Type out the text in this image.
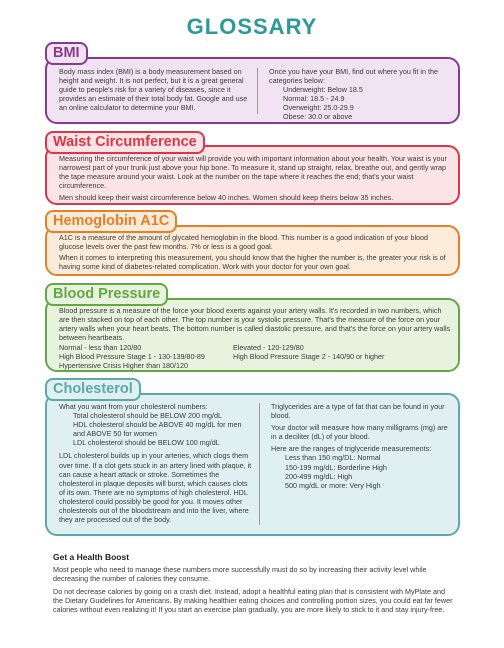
GLOSSARY

Body mass index (BMI) is a body measurement based on height and weight. It is not perfect, but it is a great general guide to people's risk for a variety of diseases, since it provides an estimate of their total body fat. Google and use an online calculator to determine your BMI.

Once you have your BMI, find out where you fit in the categories below:

Underweight: Below 18.5

Normal: 18.5 - 24.9

Overweight: 25.0-29.9

Obese: 30.0 or above

BMI

Measuring the circumference of your waist will provide you with important information about your health. Your waist is your narrowest part of your trunk just above your hip bone. To measure it, stand up straight, relax, breathe out, and gently wrap the tape measure around your waist. Look at the number on the tape where it reaches the end; that's your waist circumference.

Men should keep their waist circumference below 40 inches. Women should keep theirs below 35 inches.

Waist Circumference

A1C is a measure of the amount of glycated hemoglobin in the blood. This number is a good indication of your blood glucose levels over the past few months. 7% or less is a good goal.

When it comes to interpreting this measurement, you should know that the higher the number is, the greater your risk is of having some kind of diabetes-related complication. Work with your doctor for your own goal.

Hemoglobin A1C

Blood pressure is a measure of the force your blood exerts against your artery walls. It's recorded in two numbers, which are then stacked on top of each other. The top number is your systolic pressure. That's the measure of the force on your artery walls when your heart beats. The bottom number is called diastolic pressure, and that's the force on your artery walls between heartbeats.

Normal - less than 120/80

High Blood Pressure Stage 1 - 130-139/80-89

Hypertensive Crisis Higher than 180/120

Elevated - 120-129/80

High Blood Pressure Stage 2 - 140/90 or higher

Blood Pressure

What you want from your cholesterol numbers:

Total cholesterol should be BELOW 200 mg/dL

HDL cholesterol should be ABOVE 40 mg/dL for men and ABOVE 50 for women

LDL cholesterol should be BELOW 100 mg/dL

LDL cholesterol builds up in your arteries, which clogs them over time. If a clot gets stuck in an artery lined with plaque, it can cause a heart attack or stroke. Sometimes the cholesterol in plaque deposits will burst, which causes clots of its own. There are no symptoms of high cholesterol. HDL cholesterol could possibly be good for you. It moves other cholesterols out of the bloodstream and into the liver, where they are processed out of the body.

Triglycerides are a type of fat that can be found in your blood.

Your doctor will measure how many milligrams (mg) are in a deciliter (dL) of your blood.

Here are the ranges of triglyceride measurements:

Less than 150 mg/DL: Normal

150-199 mg/dL: Borderline High

200-499 mg/dL: High

500 mg/dL or more: Very High

Cholesterol
Get a Health Boost

Most people who need to manage these numbers more successfully must do so by increasing their activity level while decreasing the number of calories they consume.

Do not decrease calories by going on a crash diet. Instead, adopt a healthful eating plan that is consistent with MyPlate and the Dietary Guidelines for Americans. By making healthier eating choices and controlling portion sizes, you could eat far fewer calories without even realizing it! If you start an exercise plan gradually, you are more likely to stick to it and stay injury-free.
